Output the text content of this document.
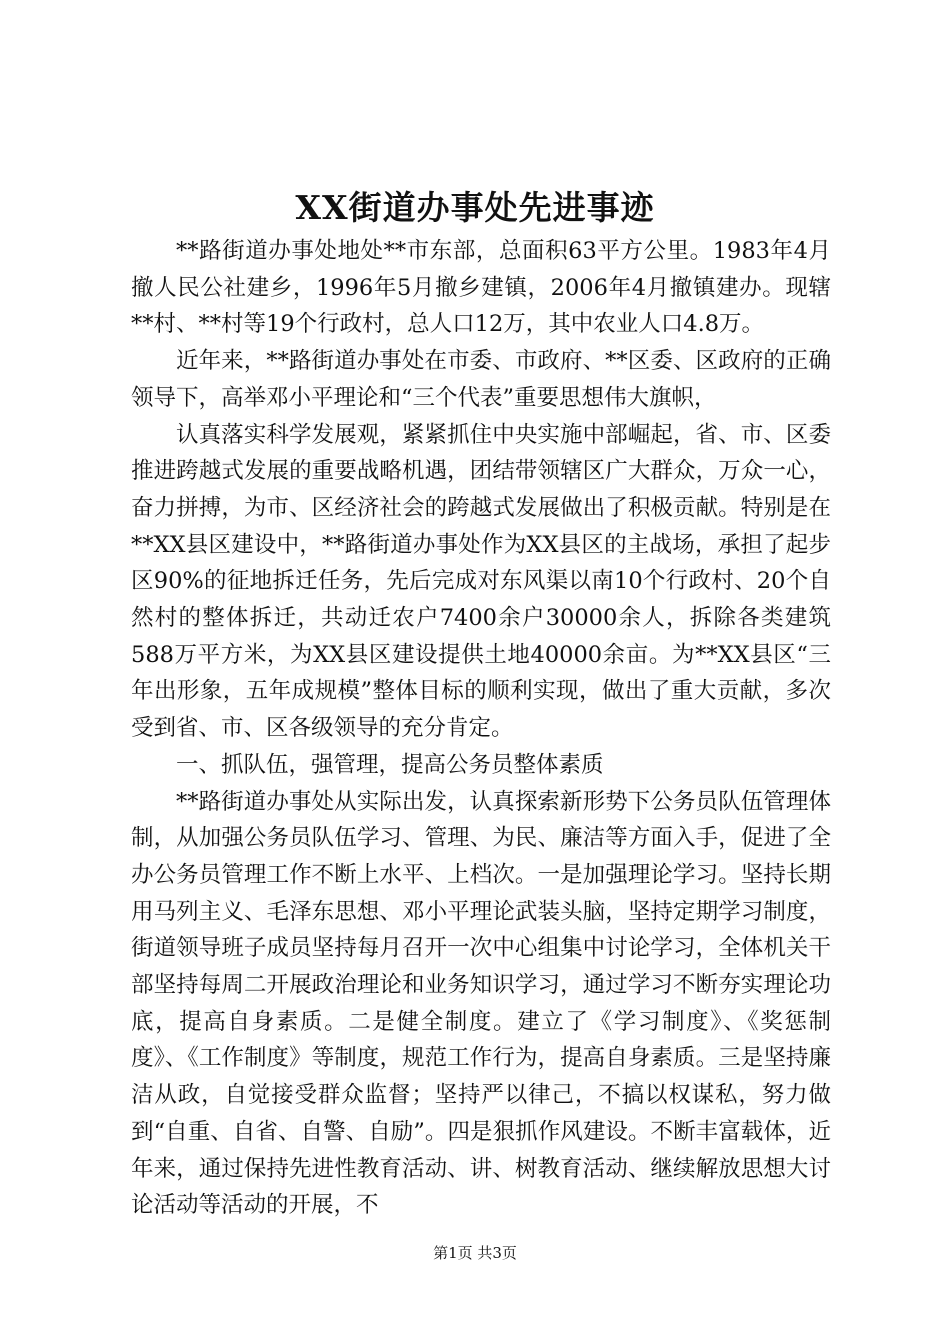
XX街道办事处先进事迹

**路街道办事处地处**市东部，总面积63平方公里。1983年4月撤人民公社建乡，1996年5月撤乡建镇，2006年4月撤镇建办。现辖**村、**村等19个行政村，总人口12万，其中农业人口4.8万。

近年来，**路街道办事处在市委、市政府、**区委、区政府的正确领导下，高举邓小平理论和“三个代表”重要思想伟大旗帜，

认真落实科学发展观，紧紧抓住中央实施中部崛起，省、市、区委推进跨越式发展的重要战略机遇，团结带领辖区广大群众，万众一心，奋力拼搏，为市、区经济社会的跨越式发展做出了积极贡献。特别是在**XX县区建设中，**路街道办事处作为XX县区的主战场，承担了起步区90%的征地拆迁任务，先后完成对东风渠以南10个行政村、20个自然村的整体拆迁，共动迁农户7400余户30000余人，拆除各类建筑588万平方米，为XX县区建设提供土地40000余亩。为**XX县区“三年出形象，五年成规模”整体目标的顺利实现，做出了重大贡献，多次受到省、市、区各级领导的充分肯定。

一、抓队伍，强管理，提高公务员整体素质

**路街道办事处从实际出发，认真探索新形势下公务员队伍管理体制，从加强公务员队伍学习、管理、为民、廉洁等方面入手，促进了全办公务员管理工作不断上水平、上档次。一是加强理论学习。坚持长期用马列主义、毛泽东思想、邓小平理论武装头脑，坚持定期学习制度，街道领导班子成员坚持每月召开一次中心组集中讨论学习，全体机关干部坚持每周二开展政治理论和业务知识学习，通过学习不断夯实理论功底，提高自身素质。二是健全制度。建立了《学习制度》、《奖惩制度》、《工作制度》等制度，规范工作行为，提高自身素质。三是坚持廉洁从政，自觉接受群众监督；坚持严以律己，不搞以权谋私，努力做到“自重、自省、自警、自励”。四是狠抓作风建设。不断丰富载体，近年来，通过保持先进性教育活动、讲、树教育活动、继续解放思想大讨论活动等活动的开展，不

第1页 共3页
